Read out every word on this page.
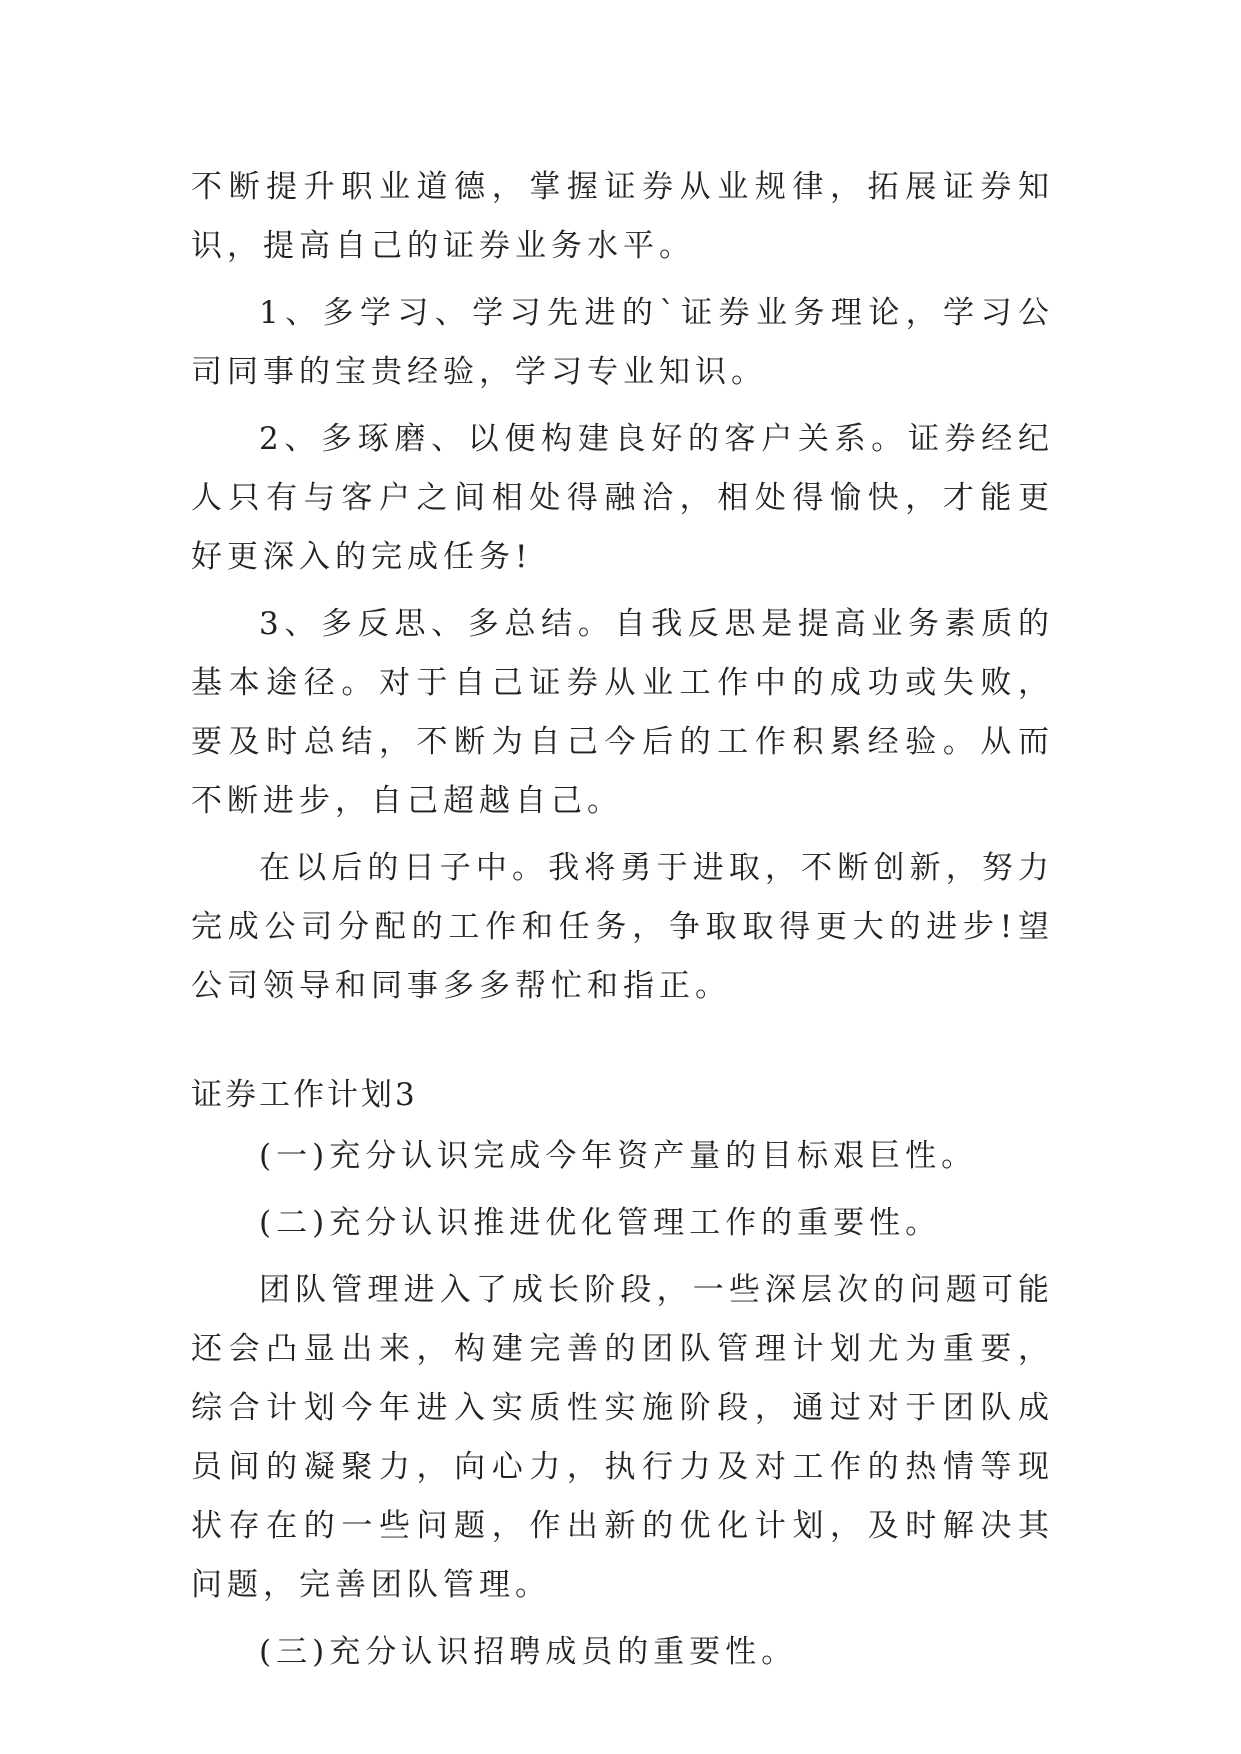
不断提升职业道德，掌握证券从业规律，拓展证券知识，提高自己的证券业务水平。

1、多学习、学习先进的`证券业务理论，学习公司同事的宝贵经验，学习专业知识。

2、多琢磨、以便构建良好的客户关系。证券经纪人只有与客户之间相处得融洽，相处得愉快，才能更好更深入的完成任务!

3、多反思、多总结。自我反思是提高业务素质的基本途径。对于自己证券从业工作中的成功或失败，要及时总结，不断为自己今后的工作积累经验。从而不断进步，自己超越自己。

在以后的日子中。我将勇于进取，不断创新，努力完成公司分配的工作和任务，争取取得更大的进步!望公司领导和同事多多帮忙和指正。

证券工作计划3

(一)充分认识完成今年资产量的目标艰巨性。

(二)充分认识推进优化管理工作的重要性。

团队管理进入了成长阶段，一些深层次的问题可能还会凸显出来，构建完善的团队管理计划尤为重要，综合计划今年进入实质性实施阶段，通过对于团队成员间的凝聚力，向心力，执行力及对工作的热情等现状存在的一些问题，作出新的优化计划，及时解决其问题，完善团队管理。

(三)充分认识招聘成员的重要性。
